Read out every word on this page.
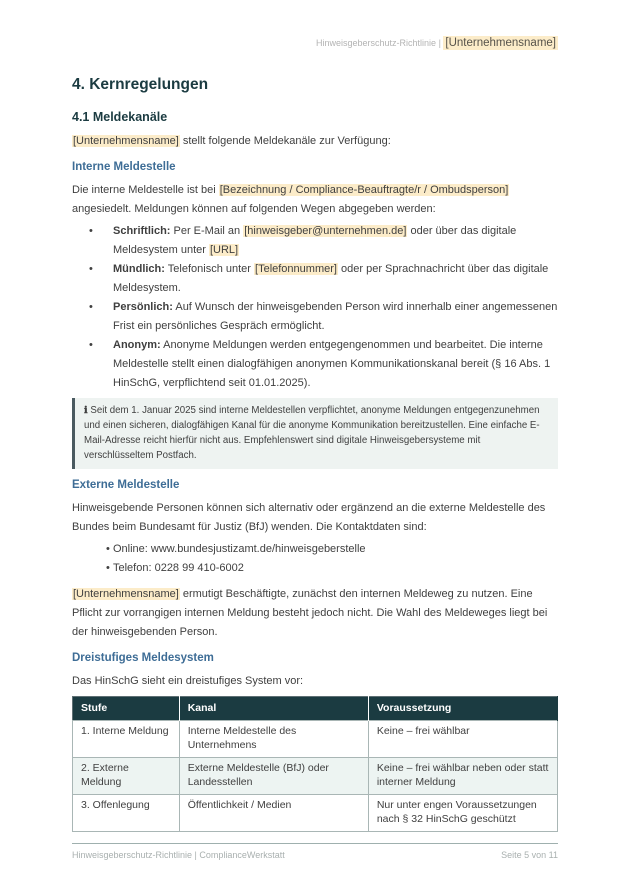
Hinweisgeberschutz-Richtlinie | [Unternehmensname]
4. Kernregelungen
4.1 Meldekanäle

[Unternehmensname] stellt folgende Meldekanäle zur Verfügung:

Interne Meldestelle

Die interne Meldestelle ist bei [Bezeichnung / Compliance-Beauftragte/r / Ombudsperson] angesiedelt. Meldungen können auf folgenden Wegen abgegeben werden:

• Schriftlich: Per E-Mail an [hinweisgeber@unternehmen.de] oder über das digitale Meldesystem unter [URL]
• Mündlich: Telefonisch unter [Telefonnummer] oder per Sprachnachricht über das digitale Meldesystem.
• Persönlich: Auf Wunsch der hinweisgebenden Person wird innerhalb einer angemessenen Frist ein persönliches Gespräch ermöglicht.
• Anonym: Anonyme Meldungen werden entgegengenommen und bearbeitet. Die interne Meldestelle stellt einen dialogfähigen anonymen Kommunikationskanal bereit (§ 16 Abs. 1 HinSchG, verpflichtend seit 01.01.2025).
ℹ Seit dem 1. Januar 2025 sind interne Meldestellen verpflichtet, anonyme Meldungen entgegenzunehmen und einen sicheren, dialogfähigen Kanal für die anonyme Kommunikation bereitzustellen. Eine einfache E-Mail-Adresse reicht hierfür nicht aus. Empfehlenswert sind digitale Hinweisgebersysteme mit verschlüsseltem Postfach.
Externe Meldestelle

Hinweisgebende Personen können sich alternativ oder ergänzend an die externe Meldestelle des Bundes beim Bundesamt für Justiz (BfJ) wenden. Die Kontaktdaten sind:

• Online: www.bundesjustizamt.de/hinweisgeberstelle
• Telefon: 0228 99 410-6002

[Unternehmensname] ermutigt Beschäftigte, zunächst den internen Meldeweg zu nutzen. Eine Pflicht zur vorrangigen internen Meldung besteht jedoch nicht. Die Wahl des Meldeweges liegt bei der hinweisgebenden Person.

Dreistufiges Meldesystem

Das HinSchG sieht ein dreistufiges System vor:

Stufe	Kanal	Voraussetzung
1. Interne Meldung	Interne Meldestelle des Unternehmens	Keine – frei wählbar
2. Externe Meldung	Externe Meldestelle (BfJ) oder Landesstellen	Keine – frei wählbar neben oder statt interner Meldung
3. Offenlegung	Öffentlichkeit / Medien	Nur unter engen Voraussetzungen nach § 32 HinSchG geschützt
Hinweisgeberschutz-Richtlinie | ComplianceWerkstatt	Seite 5 von 11
